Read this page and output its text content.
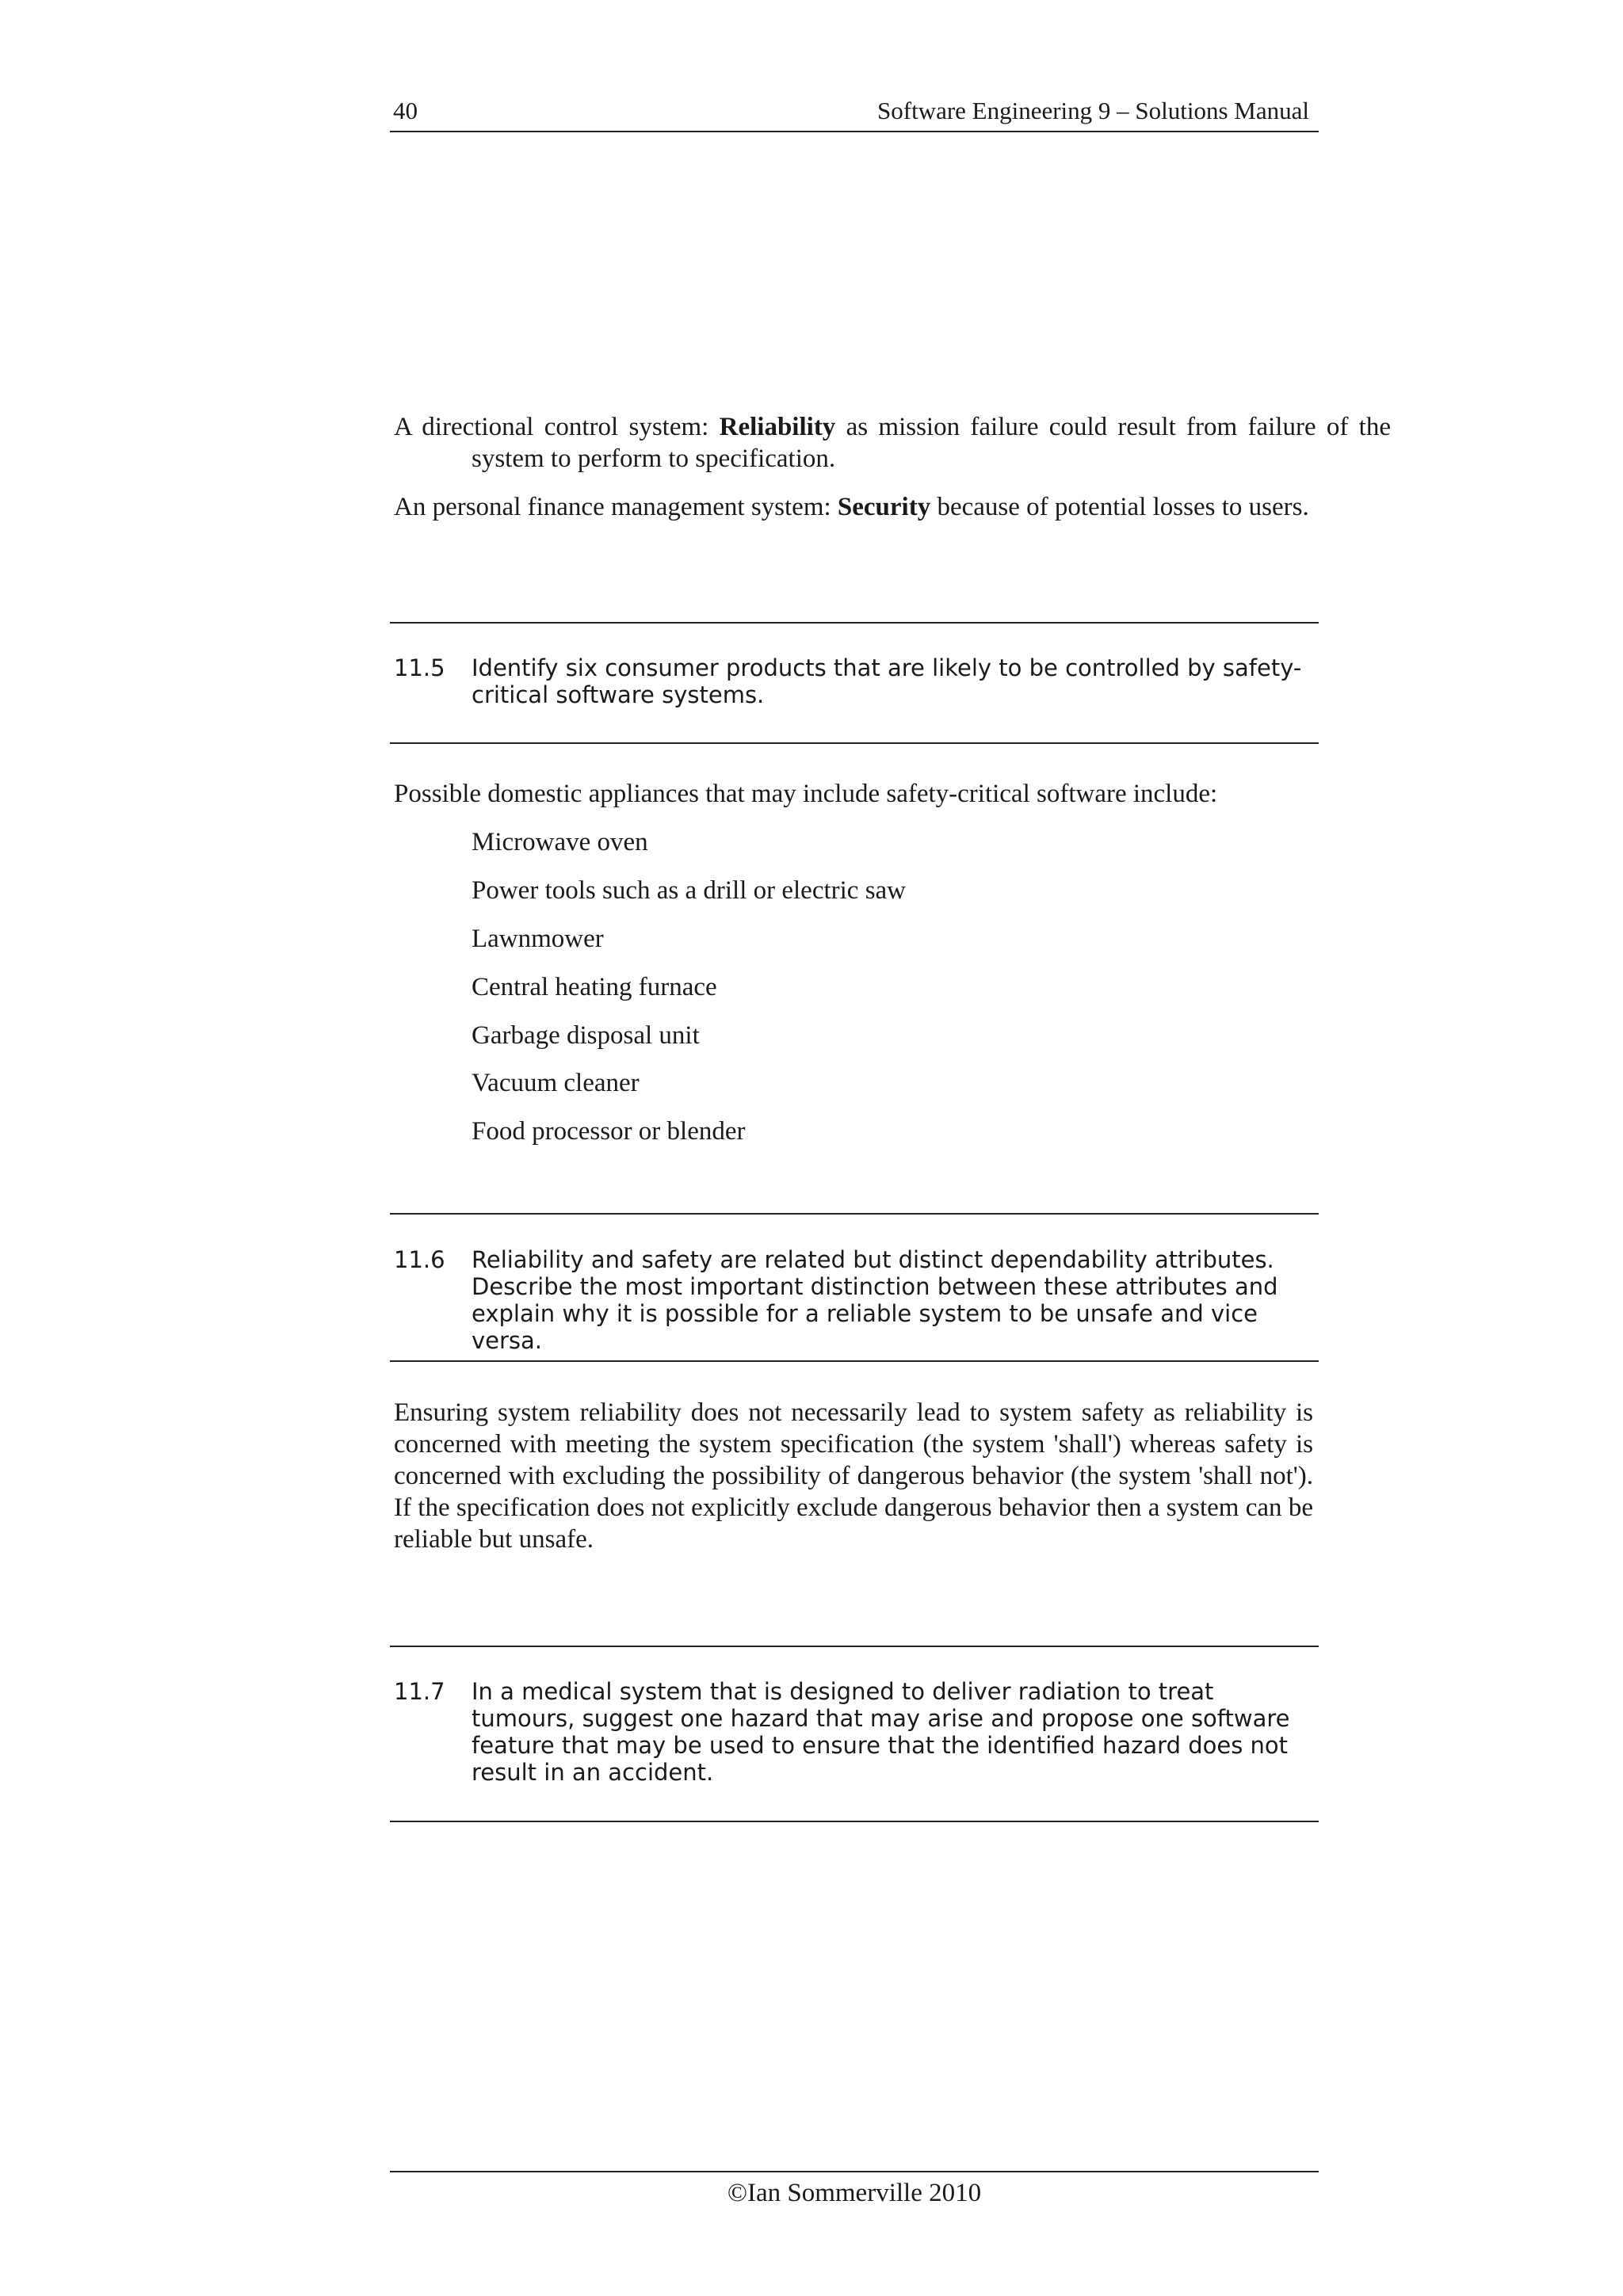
40	Software Engineering 9 – Solutions Manual
A directional control system: Reliability as mission failure could result from failure of the system to perform to specification.
An personal finance management system: Security because of potential losses to users.
11.5 Identify six consumer products that are likely to be controlled by safety-critical software systems.
Possible domestic appliances that may include safety-critical software include:
Microwave oven
Power tools such as a drill or electric saw
Lawnmower
Central heating furnace
Garbage disposal unit
Vacuum cleaner
Food processor or blender
11.6 Reliability and safety are related but distinct dependability attributes. Describe the most important distinction between these attributes and explain why it is possible for a reliable system to be unsafe and vice versa.
Ensuring system reliability does not necessarily lead to system safety as reliability is concerned with meeting the system specification (the system 'shall') whereas safety is concerned with excluding the possibility of dangerous behavior (the system 'shall not'). If the specification does not explicitly exclude dangerous behavior then a system can be reliable but unsafe.
11.7 In a medical system that is designed to deliver radiation to treat tumours, suggest one hazard that may arise and propose one software feature that may be used to ensure that the identified hazard does not result in an accident.
©Ian Sommerville 2010
